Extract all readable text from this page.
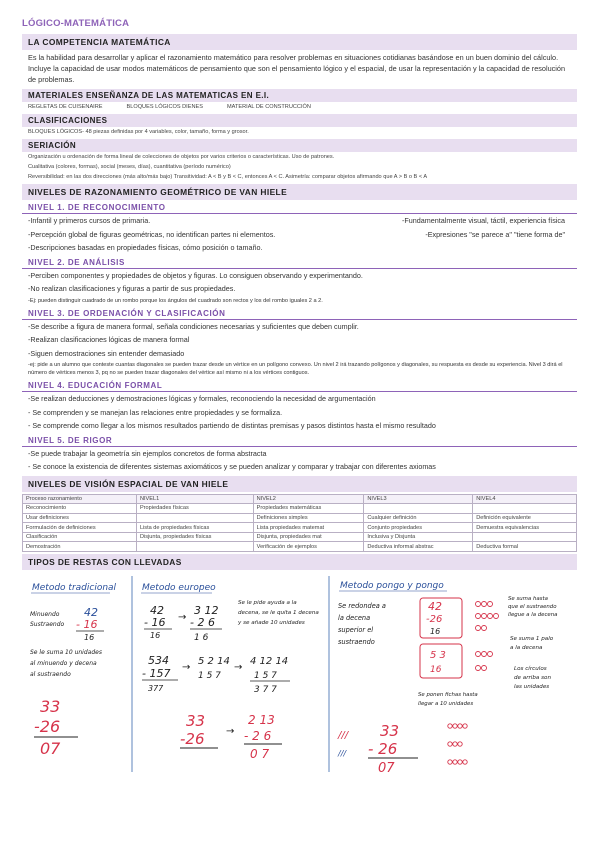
LÓGICO-MATEMÁTICA
LA COMPETENCIA MATEMÁTICA
Es la habilidad para desarrollar y aplicar el razonamiento matemático para resolver problemas en situaciones cotidianas basándose en un buen dominio del cálculo. Incluye la capacidad de usar modos matemáticos de pensamiento que son el pensamiento lógico y el espacial, de usar la representación y la capacidad de resolución de problemas.
MATERIALES ENSEÑANZA DE LAS MATEMATICAS EN E.I.
REGLETAS DE CUISENAIRE	BLOQUES LÓGICOS DIENES	MATERIAL DE CONSTRUCCIÓN
CLASIFICACIONES
BLOQUES LÓGICOS- 48 piezas definidas por 4 variables, color, tamaño, forma y grosor.
SERIACIÓN
Organización u ordenación de forma lineal de colecciones de objetos por varios criterios o características. Uso de patrones.
Cualitativa (colores, formas), social (meses, días), cuantitativa (período numérico)
Reversibilidad: en las dos direcciones (más alto/más bajo) Transitividad: A < B y B < C, entonces A < C. Asimetría: comparar objetos afirmando que A > B o B < A
NIVELES DE RAZONAMIENTO GEOMÉTRICO DE VAN HIELE
NIVEL 1. DE RECONOCIMIENTO
-Infantil y primeros cursos de primaria.	-Fundamentalmente visual, táctil, experiencia física
-Percepción global de figuras geométricas, no identifican partes ni elementos.	-Expresiones "se parece a" "tiene forma de"
-Descripciones basadas en propiedades físicas, cómo posición o tamaño.
NIVEL 2. DE ANÁLISIS
-Perciben componentes y propiedades de objetos y figuras. Lo consiguen observando y experimentando.
-No realizan clasificaciones y figuras a partir de sus propiedades.
-Ej: pueden distinguir cuadrado de un rombo porque los ángulos del cuadrado son rectos y los del rombo iguales 2 a 2.
NIVEL 3. DE ORDENACIÓN Y CLASIFICACIÓN
-Se describe a figura de manera formal, señala condiciones necesarias y suficientes que deben cumplir.
-Realizan clasificaciones lógicas de manera formal
-Siguen demostraciones sin entender demasiado
-ej: pide a un alumno que conteste cuantas diagonales se pueden trazar desde un vértice en un polígono convexo. Un nivel 2 irá trazando polígonos y diagonales, su respuesta es desde su experiencia. Nivel 3 dirá el número de vértices menos 3, pq no se pueden trazar diagonales del vértice así mismo ni a los vértices contiguos.
NIVEL 4. EDUCACIÓN FORMAL
-Se realizan deducciones y demostraciones lógicas y formales, reconociendo la necesidad de argumentación
- Se comprenden y se manejan las relaciones entre propiedades y se formaliza.
- Se comprende como llegar a los mismos resultados partiendo de distintas premisas y pasos distintos hasta el mismo resultado
NIVEL 5. DE RIGOR
-Se puede trabajar la geometría sin ejemplos concretos de forma abstracta
- Se conoce la existencia de diferentes sistemas axiomáticos y se pueden analizar y comparar y trabajar con diferentes axiomas
NIVELES DE VISIÓN ESPACIAL DE VAN HIELE
Proceso razonamiento	NIVEL1	NIVEL2	NIVEL3	NIVEL4
Reconocimiento	Propiedades físicas	Propiedades matemáticas		
Usar definiciones		Definiciones simples	Cualquier definición	Definición equivalente
Formulación de definiciones	Lista de propiedades físicas	Lista propiedades matemat	Conjunto propiedades	Demuestra equivalencias
Clasificación	Disjunta, propiedades físicas	Disjunta, propiedades mat	Inclusiva y Disjunta	
Demostración		Verificación de ejemplos	Deductiva informal abstrac	Deductiva formal
TIPOS DE RESTAS CON LLEVADAS
Metodo tradicional
Minuendo
Sustraendo
42
- 16
16
Se le suma 10 unidades
al minuendo y decena
al sustraendo
33
-26
07
Metodo europeo
42
- 16
16
→
3 12
- 2 6
1 6
Se le pide ayuda a la
decena, se le quita 1 decena
y se añade 10 unidades
534
- 157
377
→
5 2 14
1 5 7
→
4 12 14
1 5 7
3 7 7
33
-26 →
2 13
- 2 6
0 7
Metodo pongo y pongo
Se redondea a
la decena
superior el
sustraendo
42
-26
16
5 3
16
Se suma hasta
que el sustraendo
llegue a la decena
Se suma 1 palo
a la decena
Los círculos
de arriba son
las unidades
Se ponen fichas hasta
llegar a 10 unidades
///
///
33
- 26
07
